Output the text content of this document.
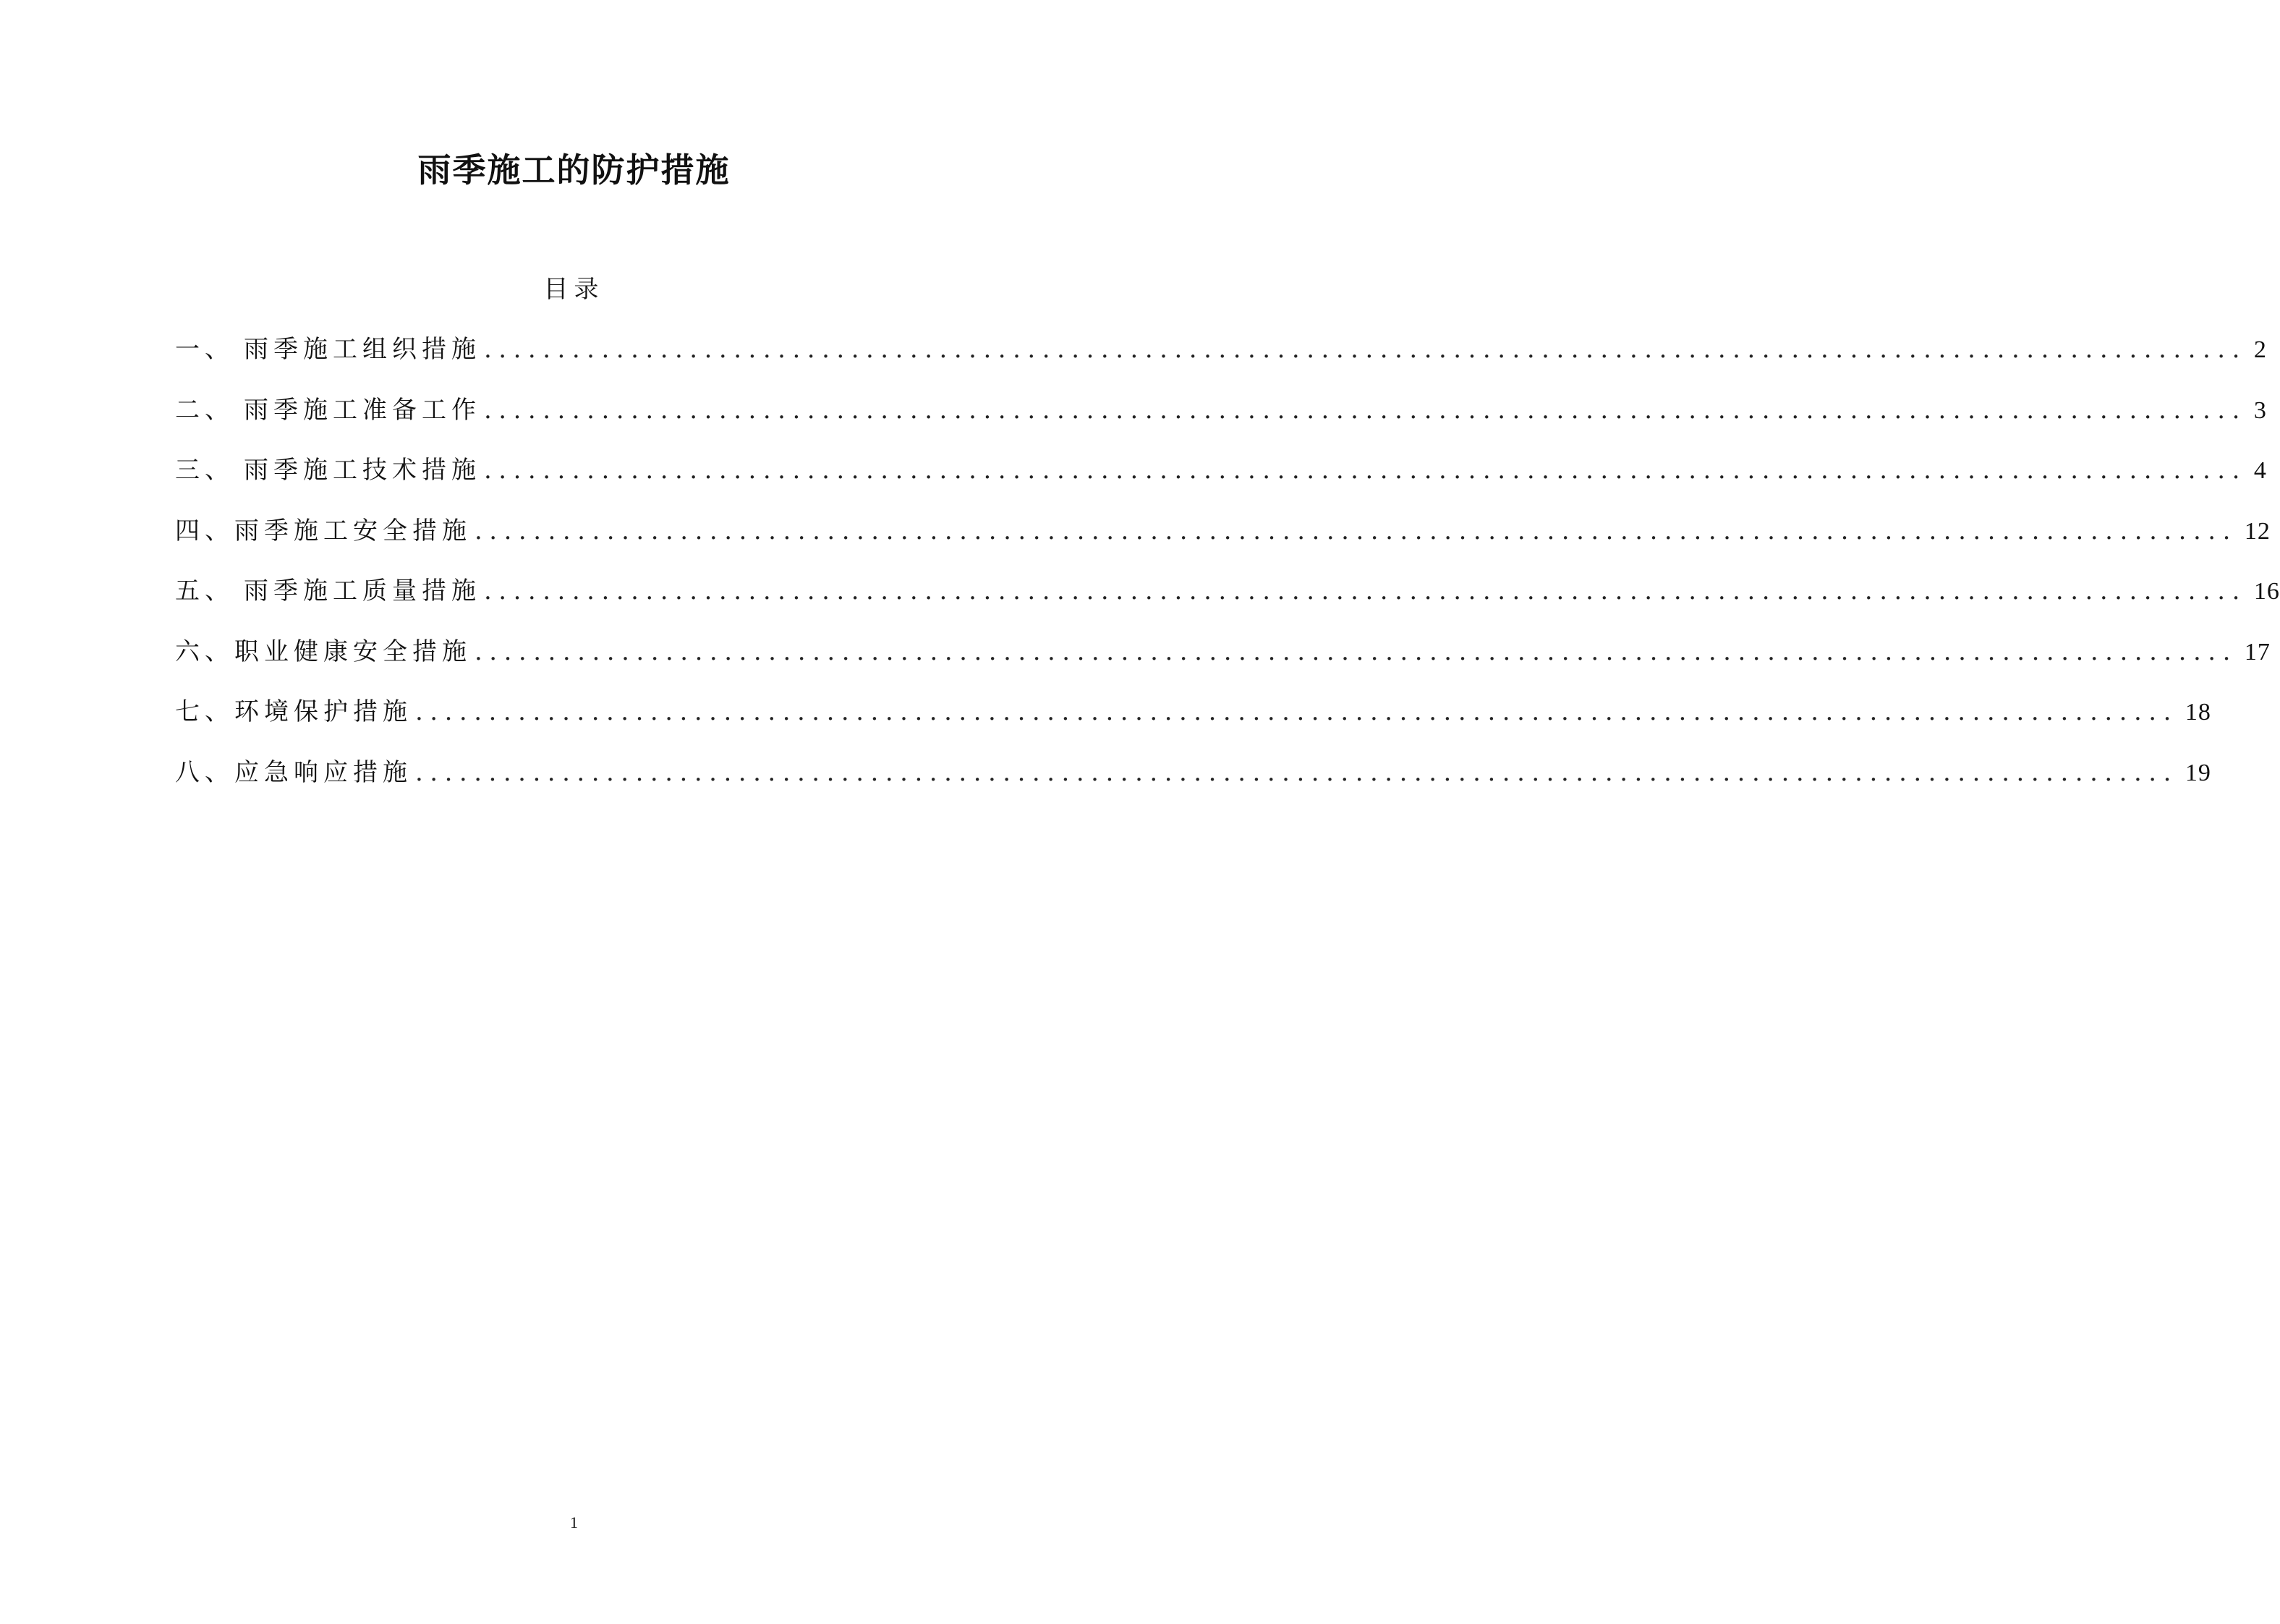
雨季施工的防护措施
目录
一、 雨季施工组织措施 ........................................................................................................................ 2
二、 雨季施工准备工作 ........................................................................................................................ 3
三、 雨季施工技术措施 ........................................................................................................................ 4
四、 雨季施工安全措施 ........................................................................................................................ 12
五、 雨季施工质量措施 ........................................................................................................................ 16
六、 职业健康安全措施 ........................................................................................................................ 17
七、 环境保护措施 ........................................................................................................................ 18
八、 应急响应措施 ........................................................................................................................ 19
1
